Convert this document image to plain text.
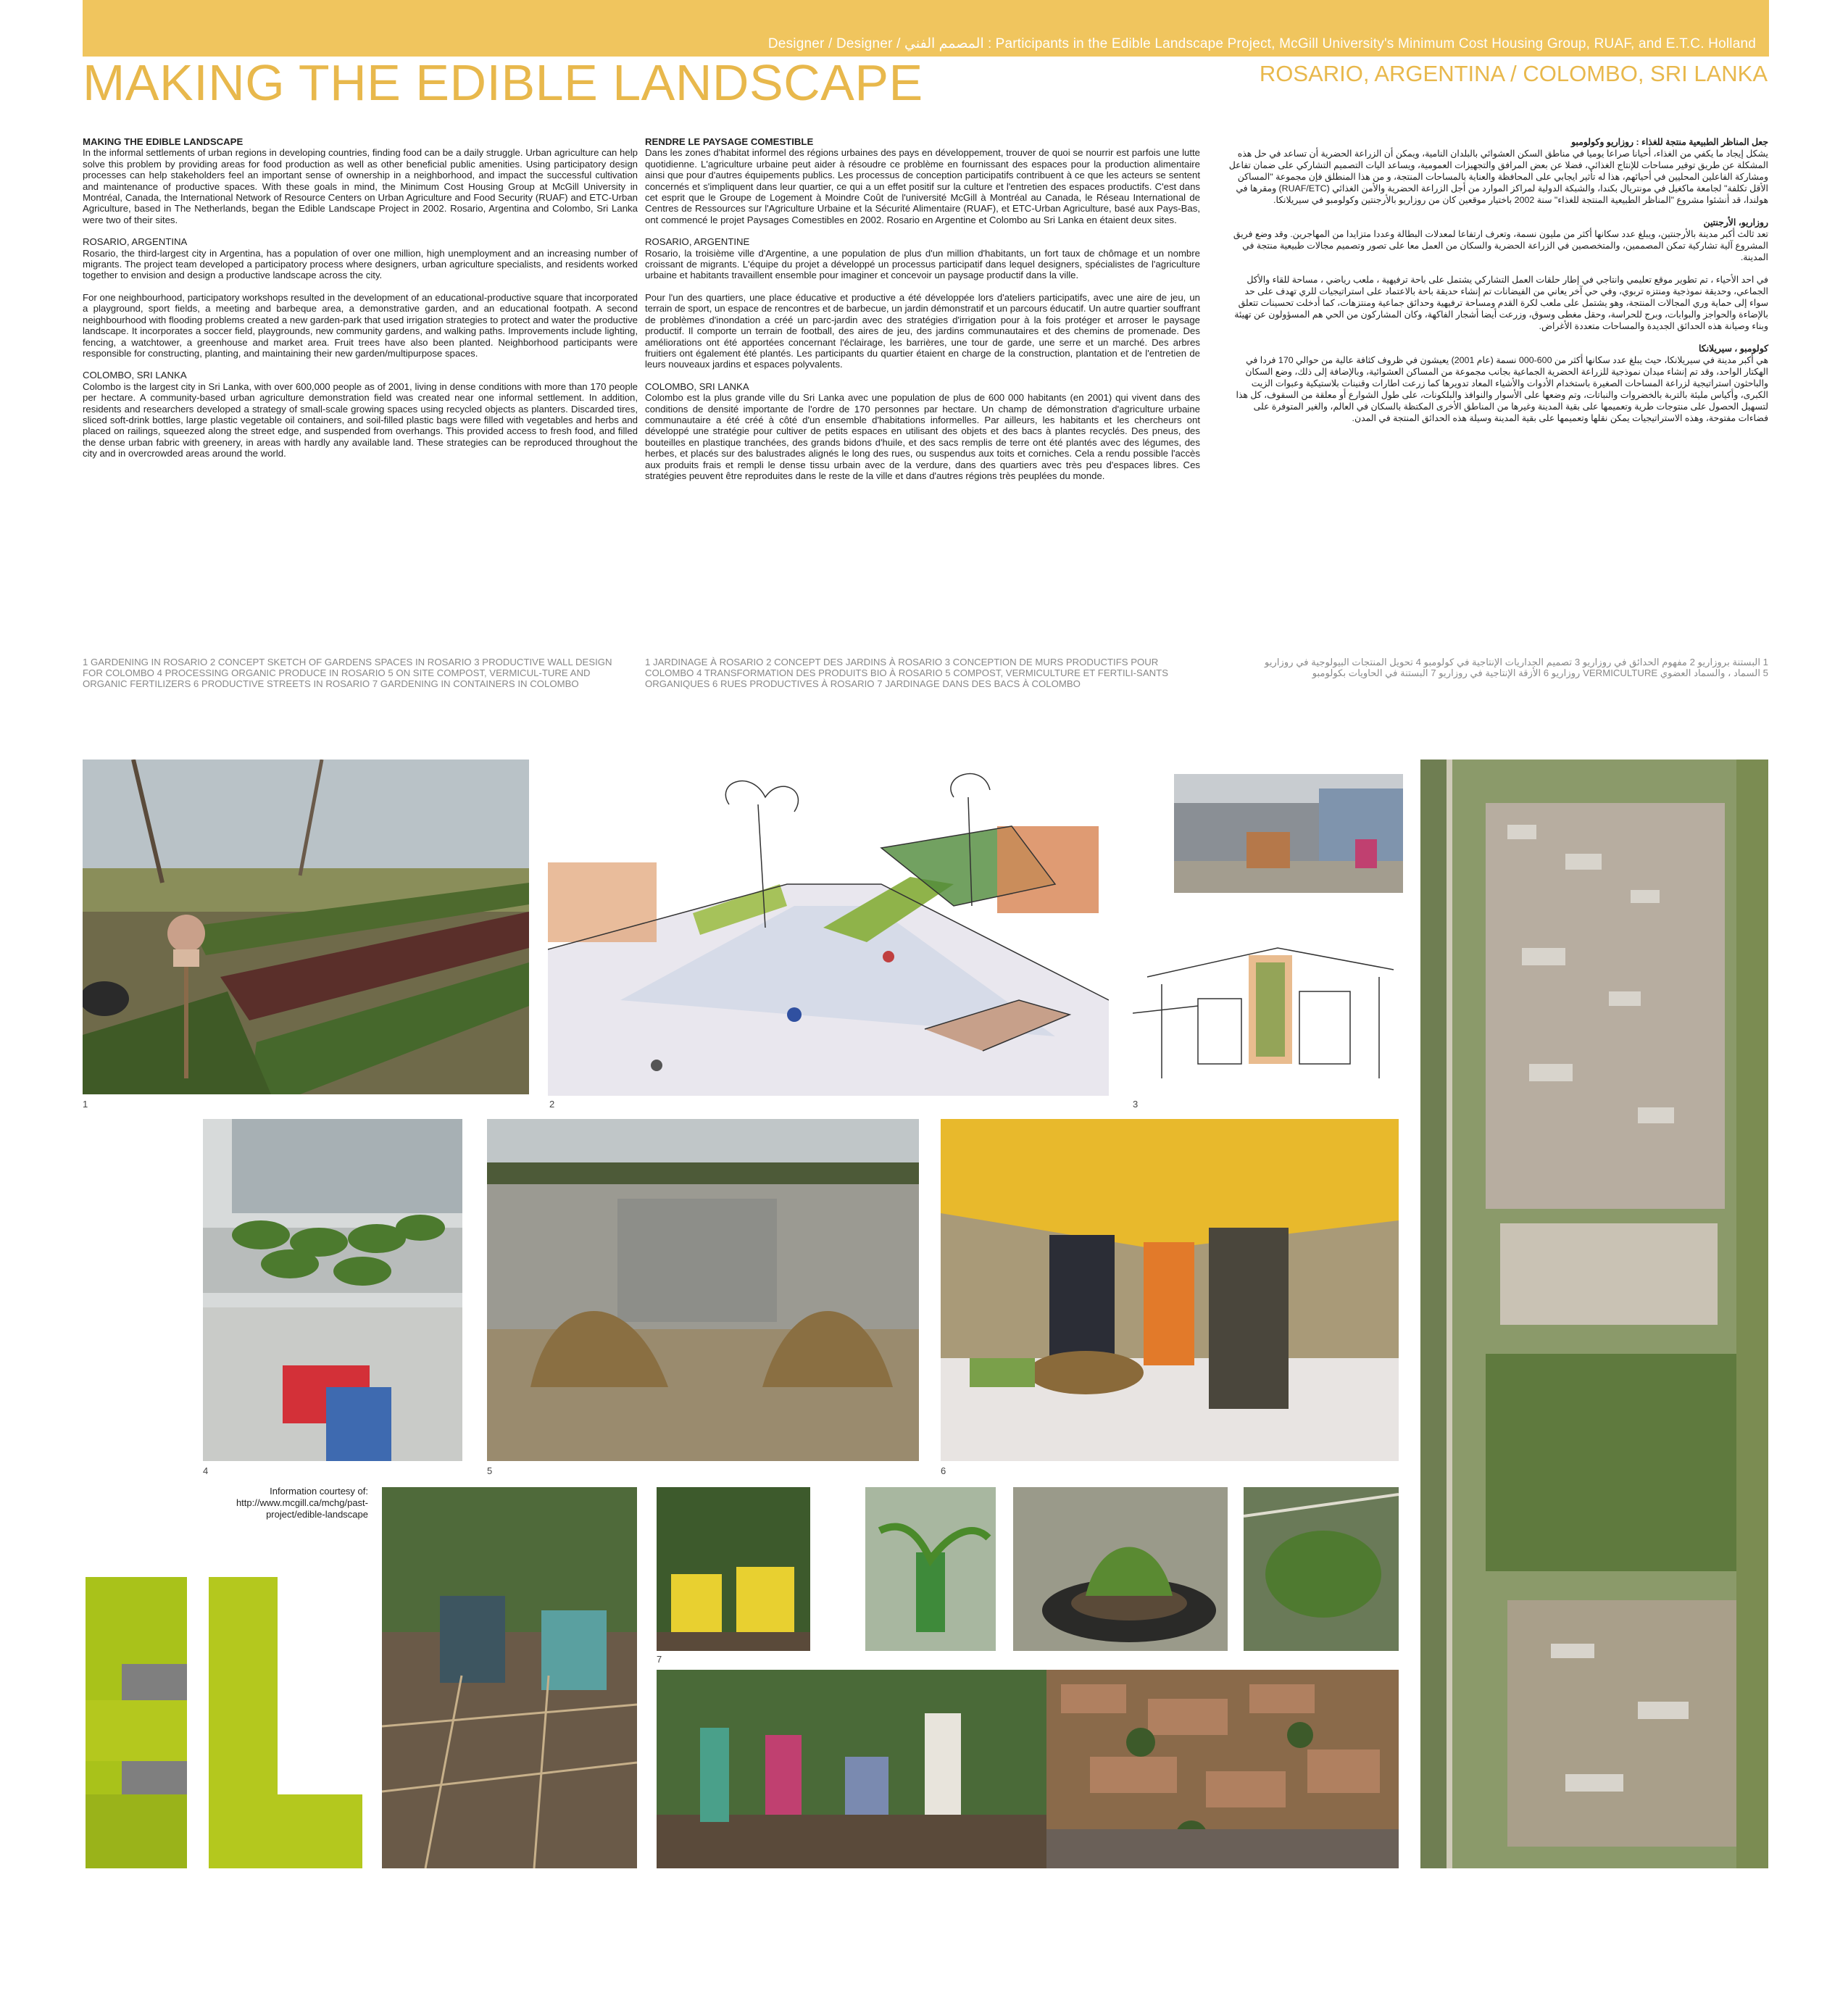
Designer / Designer / المصمم الفني : Participants in the Edible Landscape Project, McGill University's Minimum Cost Housing Group, RUAF, and E.T.C. Holland
MAKING THE EDIBLE LANDSCAPE	ROSARIO, ARGENTINA / COLOMBO, SRI LANKA

MAKING THE EDIBLE LANDSCAPE
In the informal settlements of urban regions in developing countries, finding food can be a daily struggle. Urban agriculture can help solve this problem by providing areas for food production as well as other beneficial public amenities. Using participatory design processes can help stakeholders feel an important sense of ownership in a neighborhood, and impact the successful cultivation and maintenance of productive spaces. With these goals in mind, the Minimum Cost Housing Group at McGill University in Montréal, Canada, the International Network of Resource Centers on Urban Agriculture and Food Security (RUAF) and ETC-Urban Agriculture, based in The Netherlands, began the Edible Landscape Project in 2002. Rosario, Argentina and Colombo, Sri Lanka were two of their sites.

ROSARIO, ARGENTINA
Rosario, the third-largest city in Argentina, has a population of over one million, high unemployment and an increasing number of migrants. The project team developed a participatory process where designers, urban agriculture specialists, and residents worked together to envision and design a productive landscape across the city.

For one neighbourhood, participatory workshops resulted in the development of an educational-productive square that incorporated a playground, sport fields, a meeting and barbeque area, a demonstrative garden, and an educational footpath. A second neighbourhood with flooding problems created a new garden-park that used irrigation strategies to protect and water the productive landscape. It incorporates a soccer field, playgrounds, new community gardens, and walking paths. Improvements include lighting, fencing, a watchtower, a greenhouse and market area. Fruit trees have also been planted. Neighborhood participants were responsible for constructing, planting, and maintaining their new garden/multipurpose spaces.

COLOMBO, SRI LANKA
Colombo is the largest city in Sri Lanka, with over 600,000 people as of 2001, living in dense conditions with more than 170 people per hectare. A community-based urban agriculture demonstration field was created near one informal settlement. In addition, residents and researchers developed a strategy of small-scale growing spaces using recycled objects as planters. Discarded tires, sliced soft-drink bottles, large plastic vegetable oil containers, and soil-filled plastic bags were filled with vegetables and herbs and placed on railings, squeezed along the street edge, and suspended from overhangs. This provided access to fresh food, and filled the dense urban fabric with greenery, in areas with hardly any available land. These strategies can be reproduced throughout the city and in overcrowded areas around the world.

RENDRE LE PAYSAGE COMESTIBLE
Dans les zones d'habitat informel des régions urbaines des pays en développement, trouver de quoi se nourrir est parfois une lutte quotidienne. L'agriculture urbaine peut aider à résoudre ce problème en fournissant des espaces pour la production alimentaire ainsi que pour d'autres équipements publics. Les processus de conception participatifs contribuent à ce que les acteurs se sentent concernés et s'impliquent dans leur quartier, ce qui a un effet positif sur la culture et l'entretien des espaces productifs. C'est dans cet esprit que le Groupe de Logement à Moindre Coût de l'université McGill à Montréal au Canada, le Réseau International de Centres de Ressources sur l'Agriculture Urbaine et la Sécurité Alimentaire (RUAF), et ETC-Urban Agriculture, basé aux Pays-Bas, ont commencé le projet Paysages Comestibles en 2002. Rosario en Argentine et Colombo au Sri Lanka en étaient deux sites.

ROSARIO, ARGENTINE
Rosario, la troisième ville d'Argentine, a une population de plus d'un million d'habitants, un fort taux de chômage et un nombre croissant de migrants. L'équipe du projet a développé un processus participatif dans lequel designers, spécialistes de l'agriculture urbaine et habitants travaillent ensemble pour imaginer et concevoir un paysage productif dans la ville.

Pour l'un des quartiers, une place éducative et productive a été développée lors d'ateliers participatifs, avec une aire de jeu, un terrain de sport, un espace de rencontres et de barbecue, un jardin démonstratif et un parcours éducatif. Un autre quartier souffrant de problèmes d'inondation a créé un parc-jardin avec des stratégies d'irrigation pour à la fois protéger et arroser le paysage productif. Il comporte un terrain de football, des aires de jeu, des jardins communautaires et des chemins de promenade. Des améliorations ont été apportées concernant l'éclairage, les barrières, une tour de garde, une serre et un marché. Des arbres fruitiers ont également été plantés. Les participants du quartier étaient en charge de la construction, plantation et de l'entretien de leurs nouveaux jardins et espaces polyvalents.

COLOMBO, SRI LANKA
Colombo est la plus grande ville du Sri Lanka avec une population de plus de 600 000 habitants (en 2001) qui vivent dans des conditions de densité importante de l'ordre de 170 personnes par hectare. Un champ de démonstration d'agriculture urbaine communautaire a été créé à côté d'un ensemble d'habitations informelles. Par ailleurs, les habitants et les chercheurs ont développé une stratégie pour cultiver de petits espaces en utilisant des objets et des bacs à plantes recyclés. Des pneus, des bouteilles en plastique tranchées, des grands bidons d'huile, et des sacs remplis de terre ont été plantés avec des légumes, des herbes, et placés sur des balustrades alignés le long des rues, ou suspendus aux toits et corniches. Cela a rendu possible l'accès aux produits frais et rempli le dense tissu urbain avec de la verdure, dans des quartiers avec très peu d'espaces libres. Ces stratégies peuvent être reproduites dans le reste de la ville et dans d'autres régions très peuplées du monde.

جعل المناظر الطبيعية منتجة للغذاء : روزاريو وكولومبو
يشكل إيجاد ما يكفي من الغذاء، أحيانا صراعا يوميا في مناطق السكن العشوائي بالبلدان النامية، ويمكن أن الزراعة الحضرية أن تساعد في حل هذه المشكلة عن طريق توفير مساحات للإنتاج الغذائي، فضلا عن بعض المرافق والتجهيزات العمومية، ويساعد اليات التصميم التشاركي على ضمان تفاعل ومشاركة الفاعلين المحليين في أحيائهم، هذا له تأثير ايجابي على المحافظة والعناية بالمساحات المنتجة، و من هذا المنطلق فإن مجموعة "المساكن الأقل تكلفة" لجامعة ماكغيل في مونتريال بكندا، والشبكة الدولية لمراكز الموارد من أجل الزراعة الحضرية والأمن الغذائي (RUAF/ETC) ومقرها في هولندا، قد أنشئوا مشروع "المناظر الطبيعية المنتجة للغذاء" سنة 2002 باختيار موقعين كان من روزاريو بالأرجنتين وكولومبو في سيريلانكا.

روزاريو، الأرجنتين
تعد ثالث أكبر مدينة بالأرجنتين، ويبلغ عدد سكانها أكثر من مليون نسمة، وتعرف ارتفاعا لمعدلات البطالة وعددا متزايدا من المهاجرين. وقد وضع فريق المشروع آلية تشاركية تمكن المصممين، والمتخصصين في الزراعة الحضرية والسكان من العمل معا على تصور وتصميم مجالات طبيعية منتجة في المدينة.

في احد الأحياء ، تم تطوير موقع تعليمي وانتاجي في إطار حلقات العمل التشاركي يشتمل على باحة ترفيهية ، ملعب رياضي ، مساحة للقاء والأكل الجماعي، وحديقة نموذجية ومنتزه تربوي، وفي حي آخر يعاني من الفيضانات تم إنشاء حديقة باحة بالاعتماد على استراتيجيات للري تهدف على حد سواء إلى حماية وري المجالات المنتجة، وهو يشتمل على ملعب لكرة القدم ومساحة ترفيهية وحدائق جماعية ومنتزهات، كما أدخلت تحسينات تتعلق بالإضاءة والحواجز والبوابات، وبرج للحراسة، وحقل مغطى وسوق، وزرعت أيضا أشجار الفاكهة، وكان المشاركون من الحي هم المسؤولون عن تهيئة وبناء وصيانة هذه الحدائق الجديدة والمساحات متعددة الأغراض.

كولومبو ، سيريلانكا
هي أكبر مدينة في سيريلانكا، حيث يبلغ عدد سكانها أكثر من 600-000 نسمة (عام 2001) يعيشون في ظروف كثافة عالية من حوالي 170 فردا في الهكتار الواحد، وقد تم إنشاء ميدان نموذجية للزراعة الحضرية الجماعية بجانب مجموعة من المساكن العشوائية، وبالإضافة إلى ذلك، وضع السكان والباحثون استراتيجية لزراعة المساحات الصغيرة باستخدام الأدوات والأشياء المعاد تدويرها كما زرعت اطارات وقنينات بلاستيكية وعبوات الزيت الكبرى، وأكياس مليئة بالتربة بالخضروات والنباتات، وتم وضعها على الأسوار والنوافذ والبلكونات، على طول الشوارع أو معلقة من السقوف، كل هذا لتسهيل الحصول على منتوجات طرية وتعميمها على بقية المدينة وغيرها من المناطق الأخرى المكتظة بالسكان في العالم، والغير المتوفرة على فضاءات مفتوحة، وهذه الاستراتيجيات يمكن نقلها وتعميمها على بقية المدينة وسيلة هذه الحدائق المنتجة في المدن.

1 GARDENING IN ROSARIO 2 CONCEPT SKETCH OF GARDENS SPACES IN ROSARIO 3 PRODUCTIVE WALL DESIGN FOR COLOMBO 4 PROCESSING ORGANIC PRODUCE IN ROSARIO 5 ON SITE COMPOST, VERMICUL-TURE AND ORGANIC FERTILIZERS 6 PRODUCTIVE STREETS IN ROSARIO 7 GARDENING IN CONTAINERS IN COLOMBO
1 JARDINAGE À ROSARIO 2 CONCEPT DES JARDINS À ROSARIO 3 CONCEPTION DE MURS PRODUCTIFS POUR COLOMBO 4 TRANSFORMATION DES PRODUITS BIO À ROSARIO 5 COMPOST, VERMICULTURE ET FERTILI-SANTS ORGANIQUES 6 RUES PRODUCTIVES À ROSARIO 7 JARDINAGE DANS DES BACS À COLOMBO
1 البستنة بروزاريو 2 مفهوم الحدائق في روزاريو 3 تصميم الجداريات الإنتاجية في كولومبو 4 تحويل المنتجات البيولوجية في روزاريو
5 السماد ، والسماد العضوي VERMICULTURE روزاريو 6 الأزقة الإنتاجية في روزاريو 7 البستنة في الحاويات بكولومبو
1	2	3
4	5	6
Information courtesy of:
http://www.mcgill.ca/mchg/past-project/edible-landscape
7
